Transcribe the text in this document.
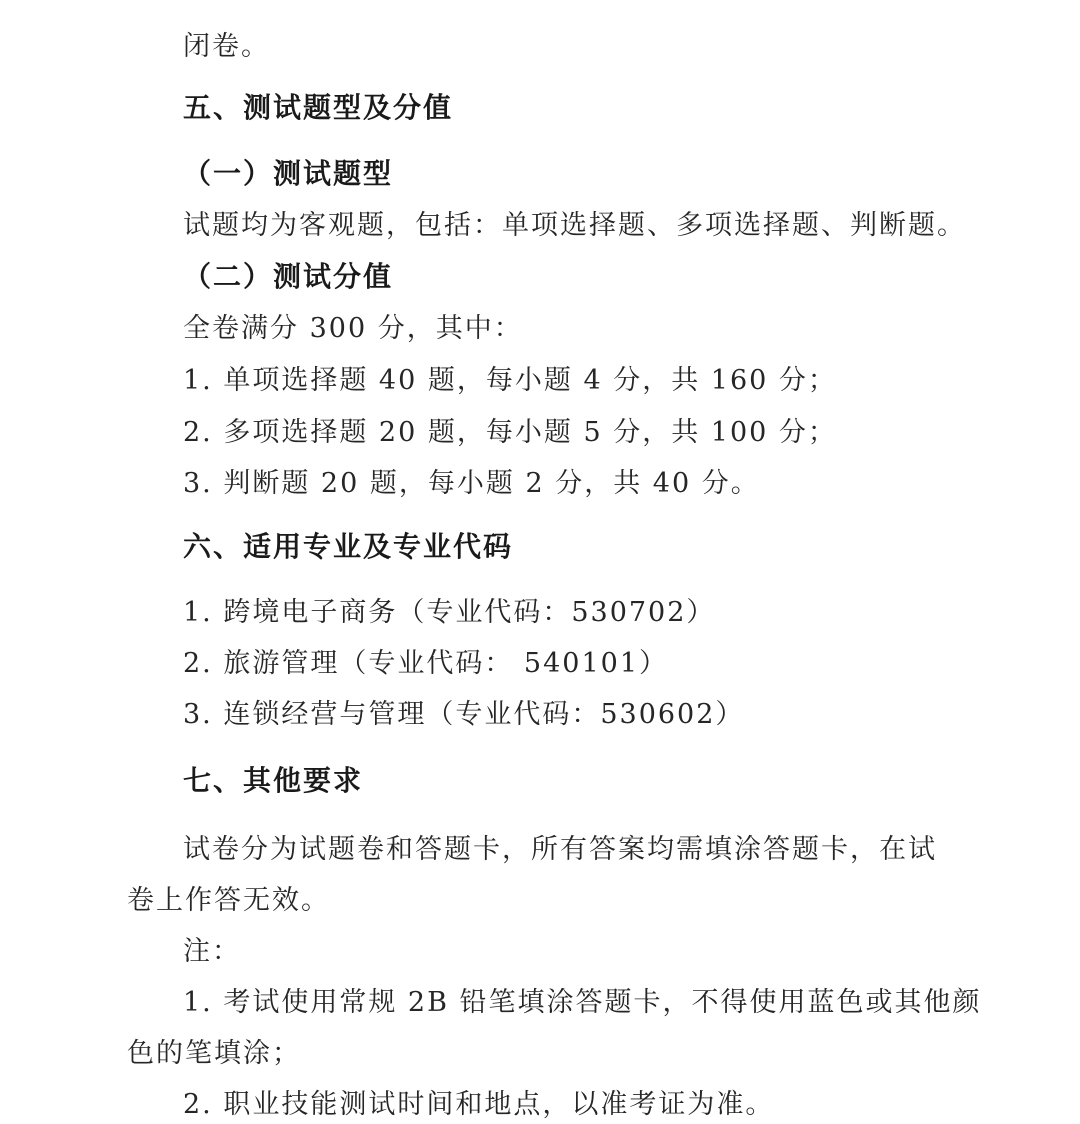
闭卷。
五、测试题型及分值
（一）测试题型
试题均为客观题，包括：单项选择题、多项选择题、判断题。
（二）测试分值
全卷满分 300 分，其中：
1. 单项选择题 40 题，每小题 4 分，共 160 分；
2. 多项选择题 20 题，每小题 5 分，共 100 分；
3. 判断题 20 题，每小题 2 分，共 40 分。
六、适用专业及专业代码
1. 跨境电子商务（专业代码：530702）
2. 旅游管理（专业代码： 540101）
3. 连锁经营与管理（专业代码：530602）
七、其他要求
试卷分为试题卷和答题卡，所有答案均需填涂答题卡，在试
卷上作答无效。
注：
1. 考试使用常规 2B 铅笔填涂答题卡，不得使用蓝色或其他颜
色的笔填涂；
2. 职业技能测试时间和地点，以准考证为准。
